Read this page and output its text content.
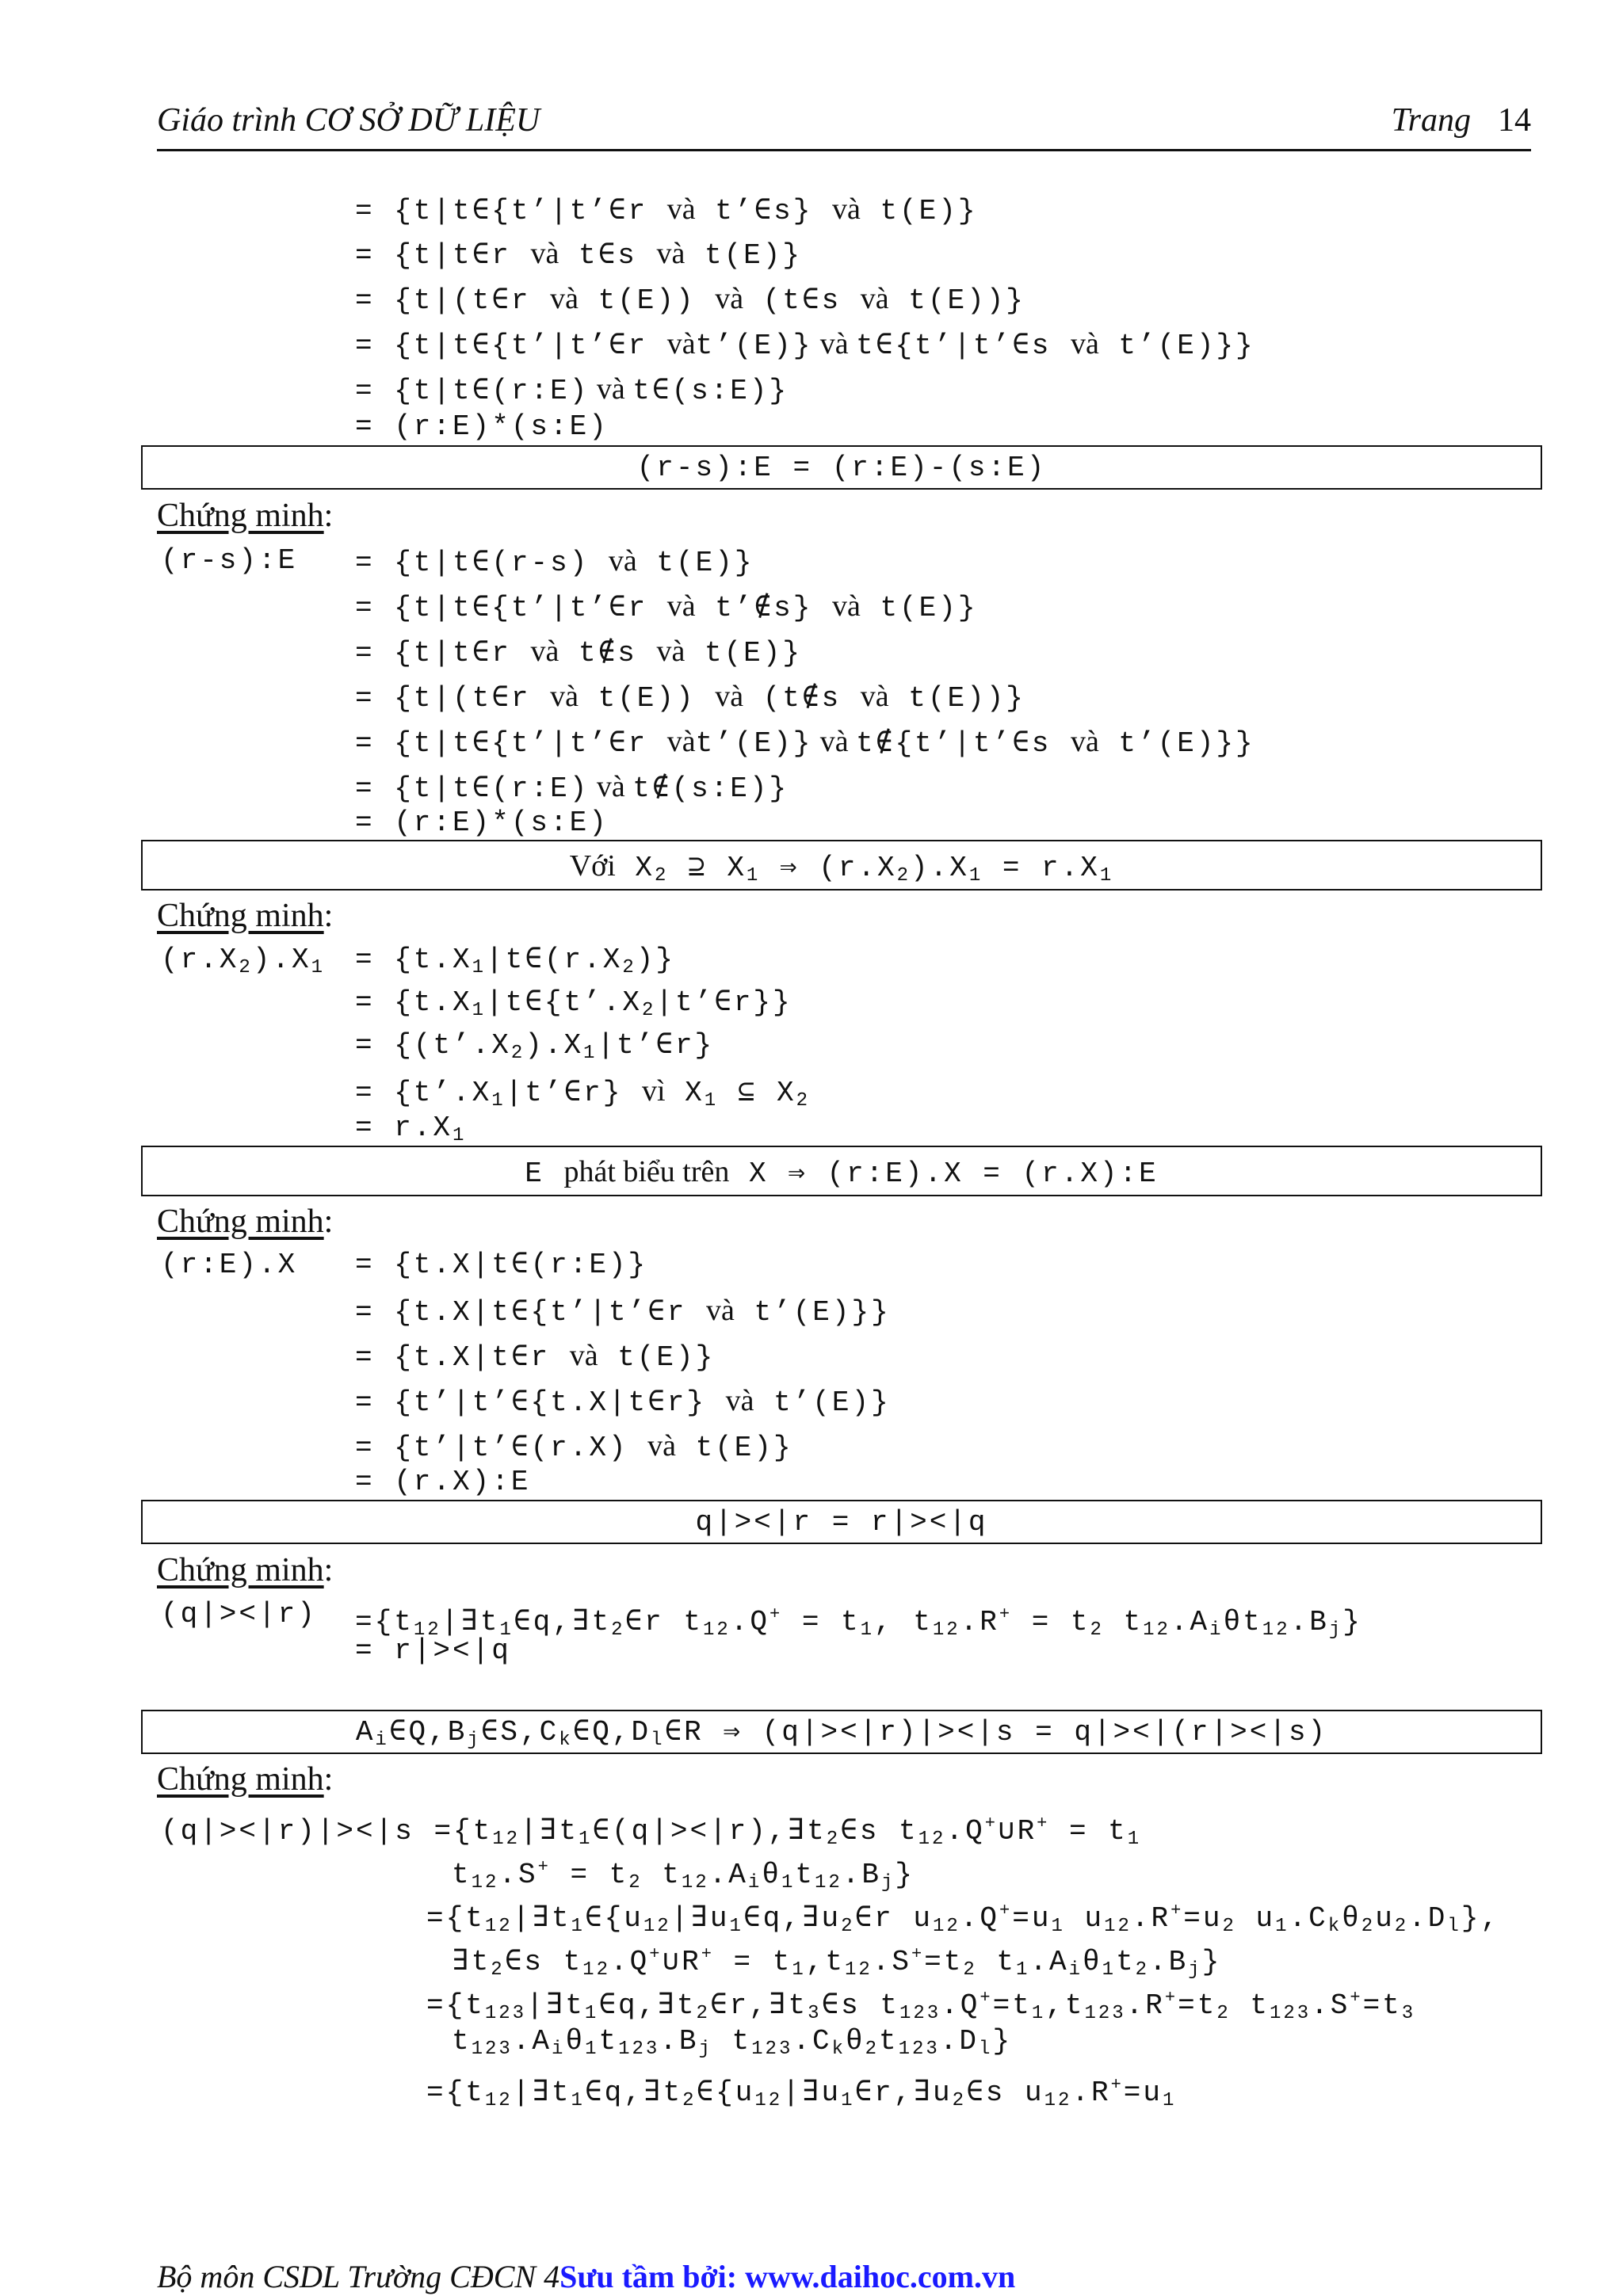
Giáo trình CƠ SỞ DỮ LIỆU	Trang 14
= {t|t∈{t’|t’∈r và t’∈s} và t(E)}
= {t|t∈r và t∈s và t(E)}
= {t|(t∈r và t(E)) và (t∈s và t(E))}
= {t|t∈{t’|t’∈r vàt’(E)} và t∈{t’|t’∈s và t’(E)}}
= {t|t∈(r:E) và t∈(s:E)}
= (r:E)*(s:E)
(r-s):E = (r:E)-(s:E)
Chứng minh:
(r-s):E = {t|t∈(r-s) và t(E)}
= {t|t∈{t’|t’∈r và t’∉s} và t(E)}
= {t|t∈r và t∉s và t(E)}
= {t|(t∈r và t(E)) và (t∉s và t(E))}
= {t|t∈{t’|t’∈r vàt’(E)} và t∉{t’|t’∈s và t’(E)}}
= {t|t∈(r:E) và t∉(s:E)}
= (r:E)*(s:E)
Với $X_2$ ⊇ $X_1$ ⇒ $(r.X_2).X_1 = r.X_1$
Chứng minh:
$(r.X_2).X_1$ = $\{t.X_1|t\in(r.X_2)\}$
= $\{t.X_1|t\in\{t’.X_2|t’\in r\}\}$
= $\{(t’.X_2).X_1|t’\in r\}$
= $\{t’.X_1|t’\in r\}$ vì $X_1$ ⊆ $X_2$
= $r.X_1$
E phát biểu trên X ⇒ (r:E).X = (r.X):E
Chứng minh:
(r:E).X = {t.X|t∈(r:E)}
= {t.X|t∈{t’|t’∈r và t’(E)}}
= {t.X|t∈r và t(E)}
= {t’|t’∈{t.X|t∈r} và t’(E)}
= {t’|t’∈(r.X) và t(E)}
= (r.X):E
q|><|r = r|><|q
Chứng minh:
$(q|><|r) =\{t_{12}|\exists t_1\in q,\exists t_2\in r$ $t_{12}.Q^+ = t_1$, $t_{12}.R^+ = t_2$ $t_{12}.A_i\theta t_{12}.B_j$}
= r|><|q
$A_i\in Q,B_j\in S,C_k\in Q,D_l\in R$ ⇒ (q|><|r)|><|s = q|><|(r|><|s)
Chứng minh:
$(q|><|r)|><|s =\{t_{12}|\exists t_1\in(q|><|r),\exists t_2\in s$ $t_{12}.Q^+\cup R^+ = t_1$
$t_{12}.S^+ = t_2$ $t_{12}.A_i\theta_1t_{12}.B_j$}
$=\{t_{12}|\exists t_1\in\{u_{12}|\exists u_1\in q,\exists u_2\in r$ $u_{12}.Q^+=u_1$ $u_{12}.R^+=u_2$ $u_1.C_k\theta_2u_2.D_l$},
$\exists t_2\in s$ $t_{12}.Q^+\cup R^+ = t_1,t_{12}.S^+=t_2$ $t_1.A_i\theta_1t_2.B_j$}
$=\{t_{123}|\exists t_1\in q,\exists t_2\in r,\exists t_3\in s$ $t_{123}.Q^+=t_1,t_{123}.R^+=t_2$ $t_{123}.S^+=t_3$
$t_{123}.A_i\theta_1t_{123}.B_j$ $t_{123}.C_k\theta_2t_{123}.D_l$}
$=\{t_{12}|\exists t_1\in q,\exists t_2\in\{u_{12}|\exists u_1\in r,\exists u_2\in s$ $u_{12}.R^+=u_1$
Bộ môn CSDL Trường CĐCN 4Sưu tầm bởi: www.daihoc.com.vn
